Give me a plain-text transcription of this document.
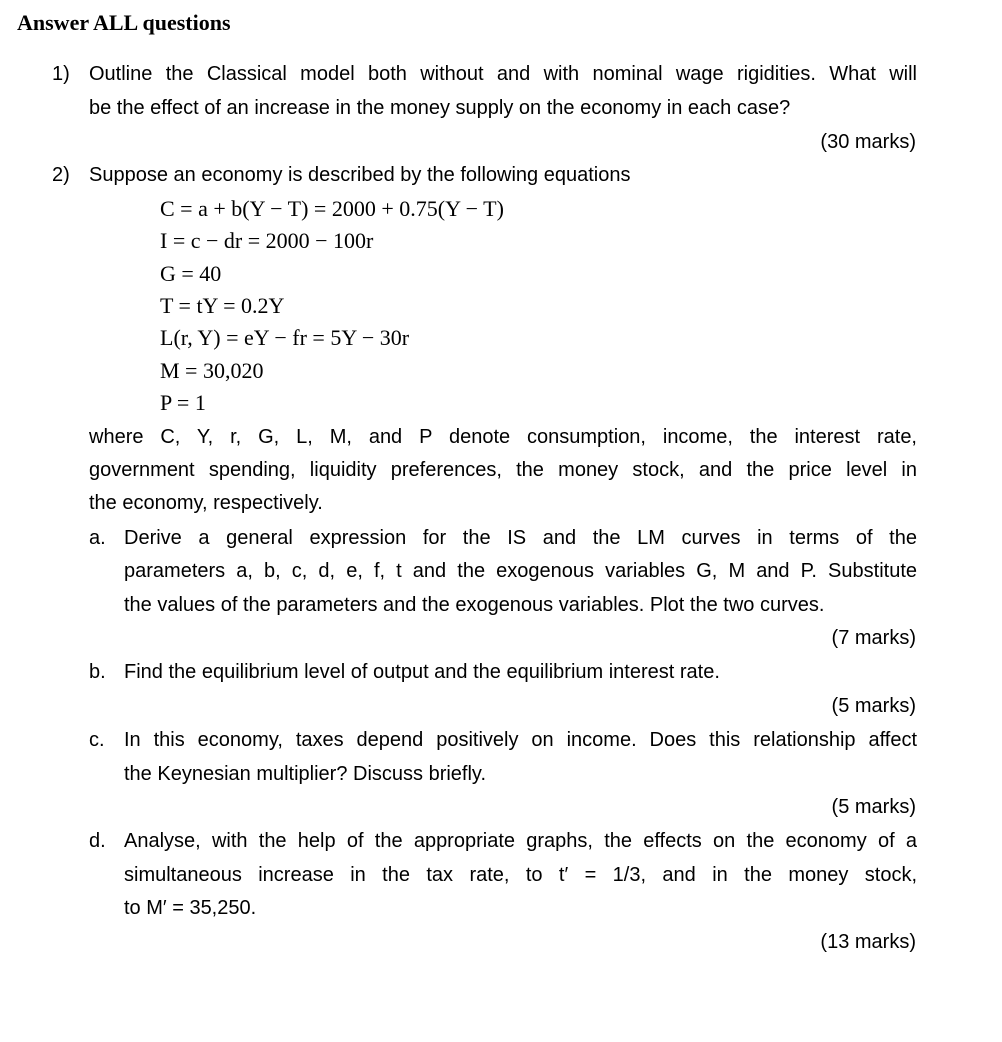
Answer ALL questions
1) Outline the Classical model both without and with nominal wage rigidities. What will
be the effect of an increase in the money supply on the economy in each case?
(30 marks)
2) Suppose an economy is described by the following equations
C = a + b(Y − T) = 2000 + 0.75(Y − T)
I = c − dr = 2000 − 100r
G = 40
T = tY = 0.2Y
L(r, Y) = eY − fr = 5Y − 30r
M = 30,020
P = 1
where C, Y, r, G, L, M, and P denote consumption, income, the interest rate,
government spending, liquidity preferences, the money stock, and the price level in
the economy, respectively.
a. Derive a general expression for the IS and the LM curves in terms of the
parameters a, b, c, d, e, f, t and the exogenous variables G, M and P. Substitute
the values of the parameters and the exogenous variables. Plot the two curves.
(7 marks)
b. Find the equilibrium level of output and the equilibrium interest rate.
(5 marks)
c. In this economy, taxes depend positively on income. Does this relationship affect
the Keynesian multiplier? Discuss briefly.
(5 marks)
d. Analyse, with the help of the appropriate graphs, the effects on the economy of a
simultaneous increase in the tax rate, to t′ = 1/3, and in the money stock,
to M′ = 35,250.
(13 marks)
